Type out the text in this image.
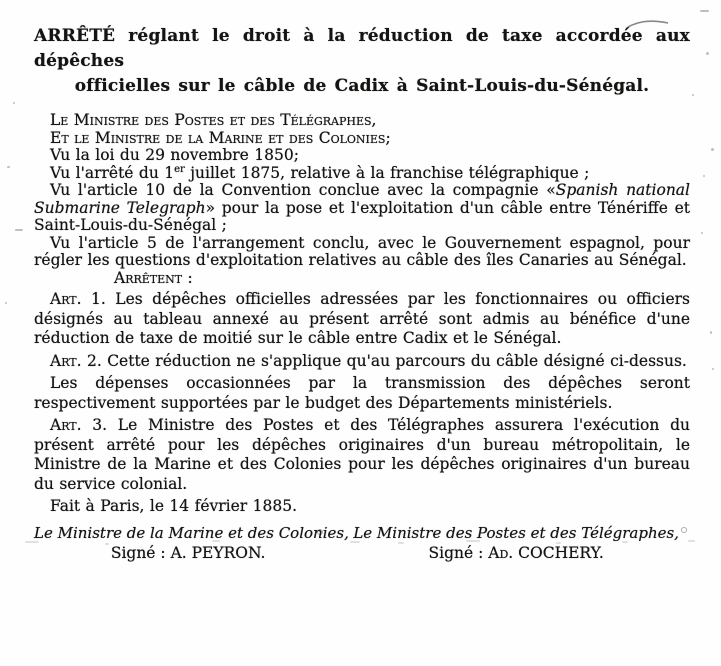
ARRÊTÉ réglant le droit à la réduction de taxe accordée aux dépêches
officielles sur le câble de Cadix à Saint-Louis-du-Sénégal.

Le Ministre des Postes et des Télégraphes,

Et le Ministre de la Marine et des Colonies;

Vu la loi du 29 novembre 1850;

Vu l'arrêté du 1er juillet 1875, relative à la franchise télégraphique ;

Vu l'article 10 de la Convention conclue avec la compagnie «Spanish national Submarine Telegraph» pour la pose et l'exploitation d'un câble entre Ténériffe et Saint-Louis-du-Sénégal ;

Vu l'article 5 de l'arrangement conclu, avec le Gouvernement espagnol, pour régler les questions d'exploitation relatives au câble des îles Canaries au Sénégal.

Arrêtent :

Art. 1. Les dépêches officielles adressées par les fonctionnaires ou officiers désignés au tableau annexé au présent arrêté sont admis au bénéfice d'une réduction de taxe de moitié sur le câble entre Cadix et le Sénégal.

Art. 2. Cette réduction ne s'applique qu'au parcours du câble désigné ci-dessus.

Les dépenses occasionnées par la transmission des dépêches seront respectivement supportées par le budget des Départements ministériels.

Art. 3. Le Ministre des Postes et des Télégraphes assurera l'exécution du présent arrêté pour les dépêches originaires d'un bureau métropolitain, le Ministre de la Marine et des Colonies pour les dépêches originaires d'un bureau du service colonial.

Fait à Paris, le 14 février 1885.

Le Ministre de la Marine et des Colonies,
Signé : A. PEYRON.
Le Ministre des Postes et des Télégraphes,
Signé : Ad. COCHERY.
